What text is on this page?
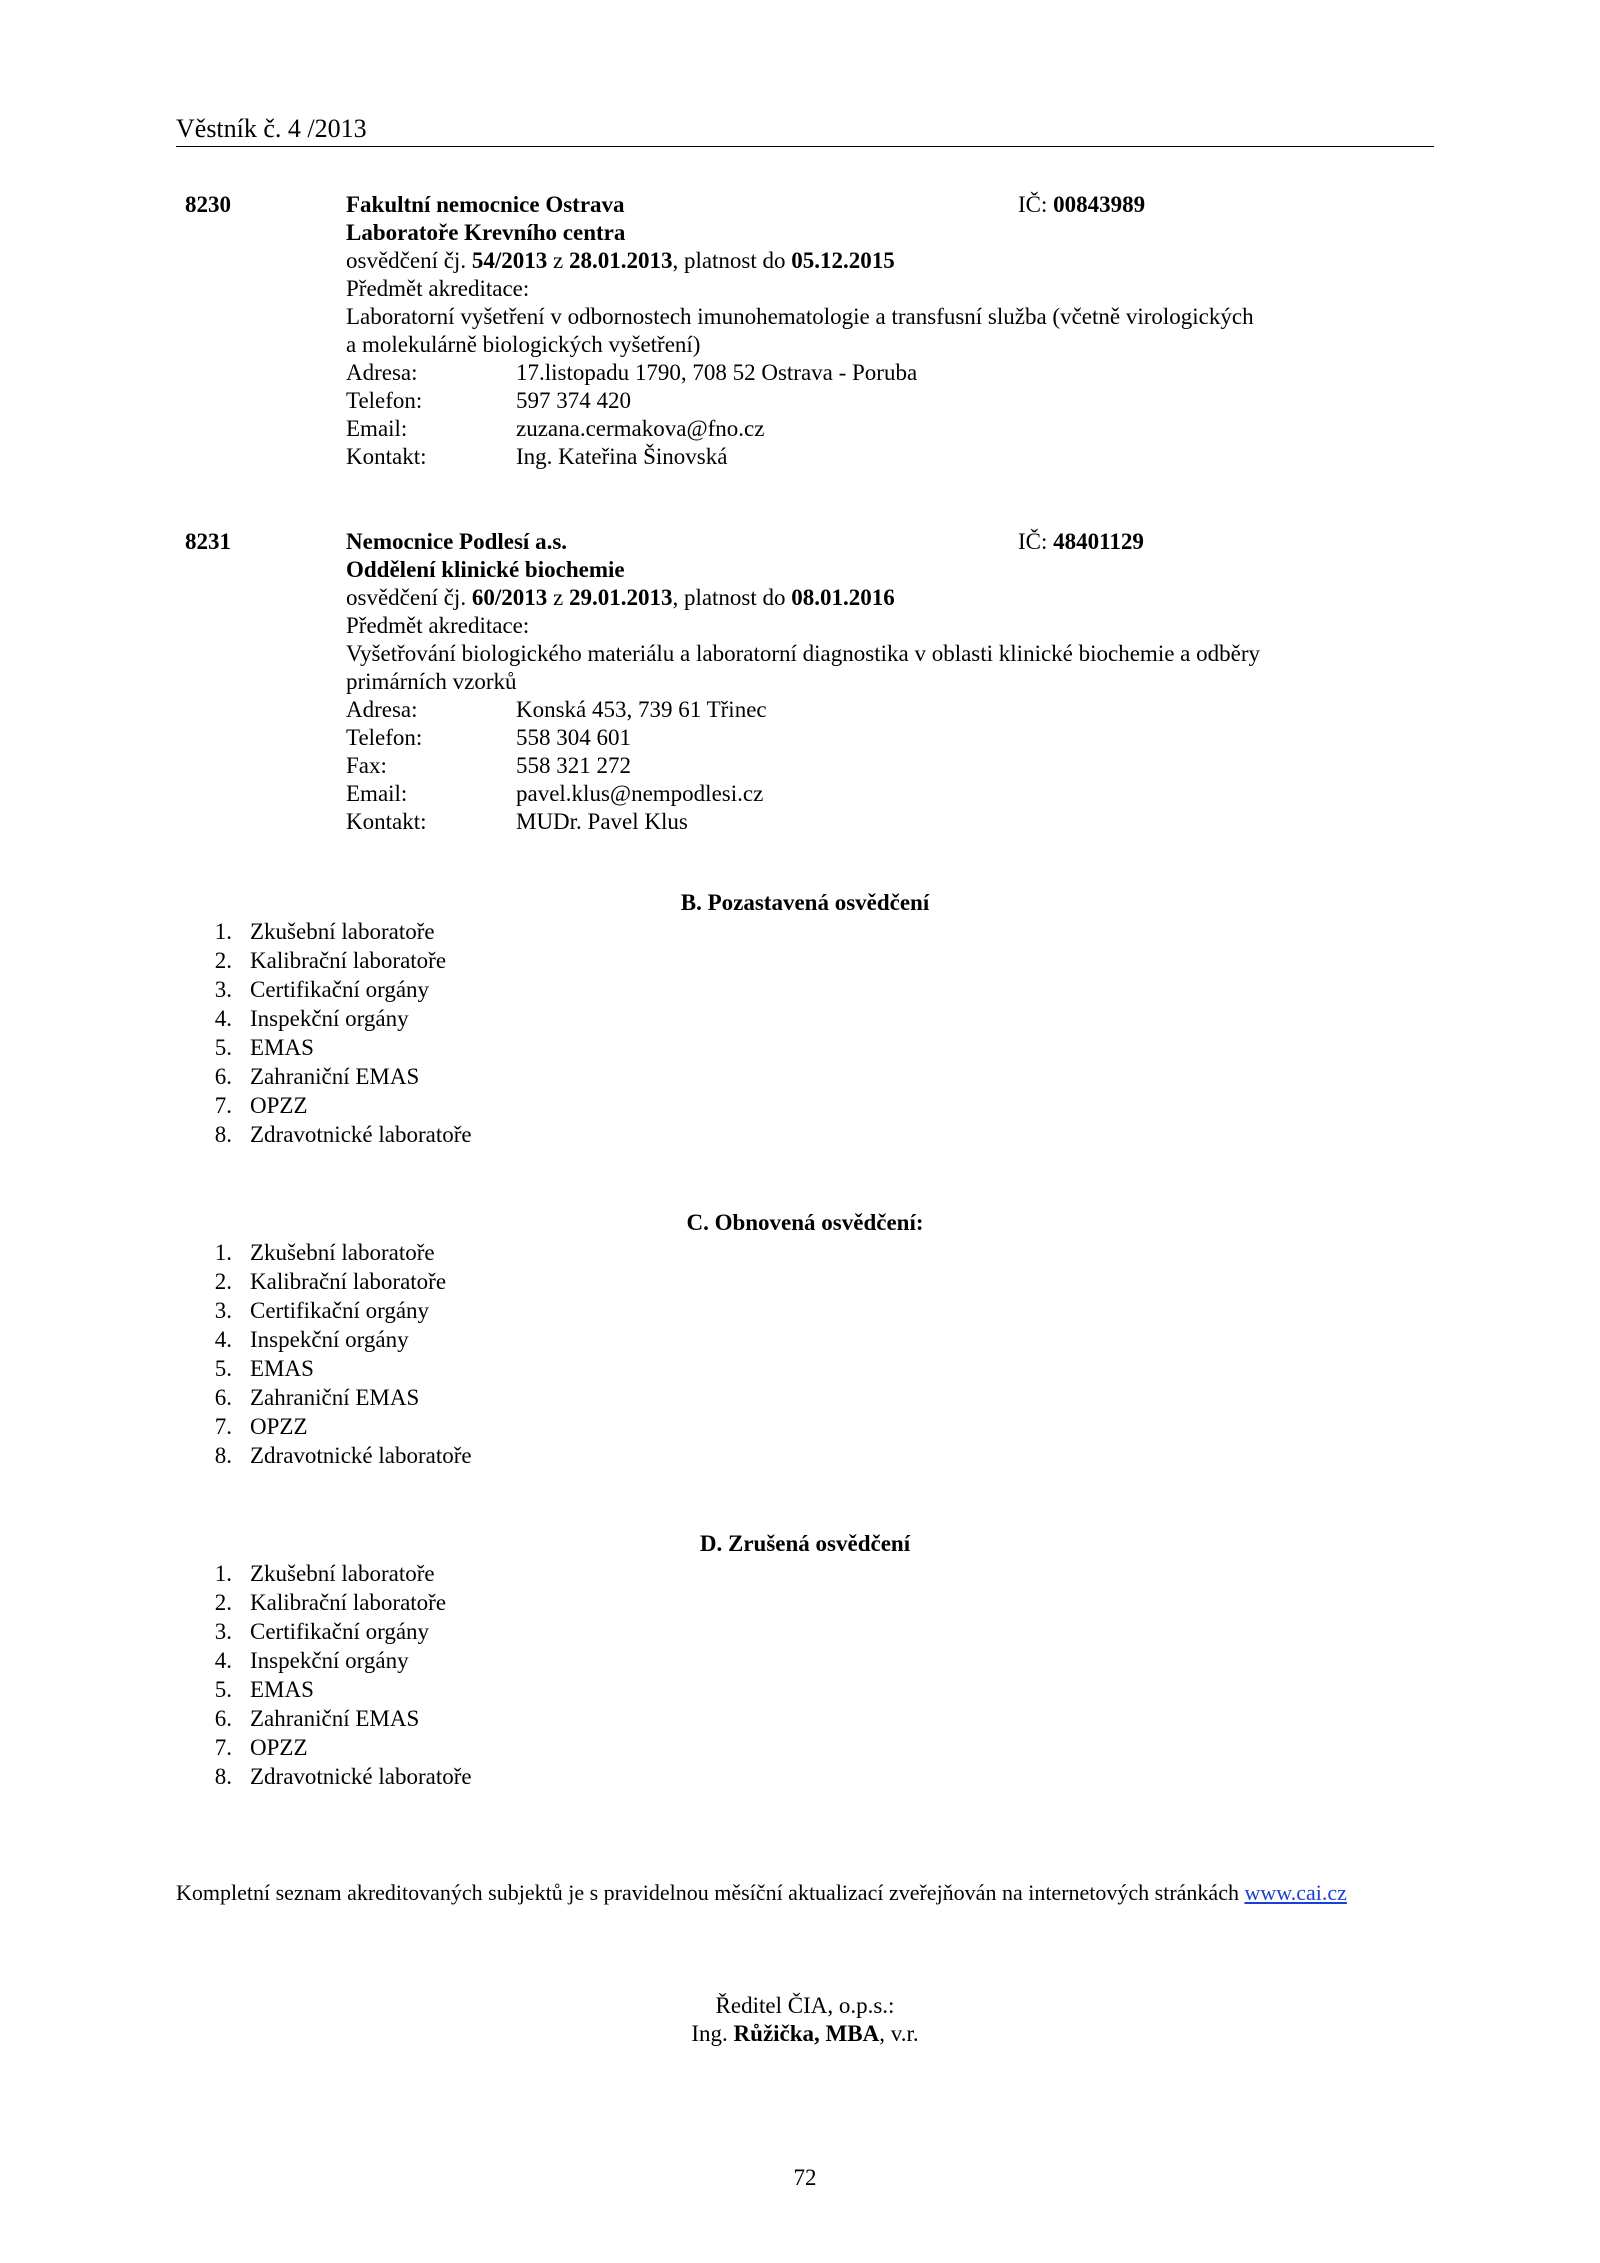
Věstník č. 4 /2013
8230	Fakultní nemocnice Ostrava	IČ: 00843989
Laboratoře Krevního centra
osvědčení čj. 54/2013 z 28.01.2013, platnost do 05.12.2015
Předmět akreditace:
Laboratorní vyšetření v odbornostech imunohematologie a transfusní služba (včetně virologických
a molekulárně biologických vyšetření)
Adresa:	17.listopadu 1790, 708 52 Ostrava - Poruba
Telefon:	597 374 420
Email:	zuzana.cermakova@fno.cz
Kontakt:	Ing. Kateřina Šinovská
8231	Nemocnice Podlesí a.s.	IČ: 48401129
Oddělení klinické biochemie
osvědčení čj. 60/2013 z 29.01.2013, platnost do 08.01.2016
Předmět akreditace:
Vyšetřování biologického materiálu a laboratorní diagnostika v oblasti klinické biochemie a odběry
primárních vzorků
Adresa:	Konská 453, 739 61 Třinec
Telefon:	558 304 601
Fax:	558 321 272
Email:	pavel.klus@nempodlesi.cz
Kontakt:	MUDr. Pavel Klus
B. Pozastavená osvědčení
1. Zkušební laboratoře
2. Kalibrační laboratoře
3. Certifikační orgány
4. Inspekční orgány
5. EMAS
6. Zahraniční EMAS
7. OPZZ
8. Zdravotnické laboratoře
C. Obnovená osvědčení:
1. Zkušební laboratoře
2. Kalibrační laboratoře
3. Certifikační orgány
4. Inspekční orgány
5. EMAS
6. Zahraniční EMAS
7. OPZZ
8. Zdravotnické laboratoře
D. Zrušená osvědčení
1. Zkušební laboratoře
2. Kalibrační laboratoře
3. Certifikační orgány
4. Inspekční orgány
5. EMAS
6. Zahraniční EMAS
7. OPZZ
8. Zdravotnické laboratoře
Kompletní seznam akreditovaných subjektů je s pravidelnou měsíční aktualizací zveřejňován na internetových stránkách www.cai.cz
Ředitel ČIA, o.p.s.:
Ing. Růžička, MBA, v.r.
72
